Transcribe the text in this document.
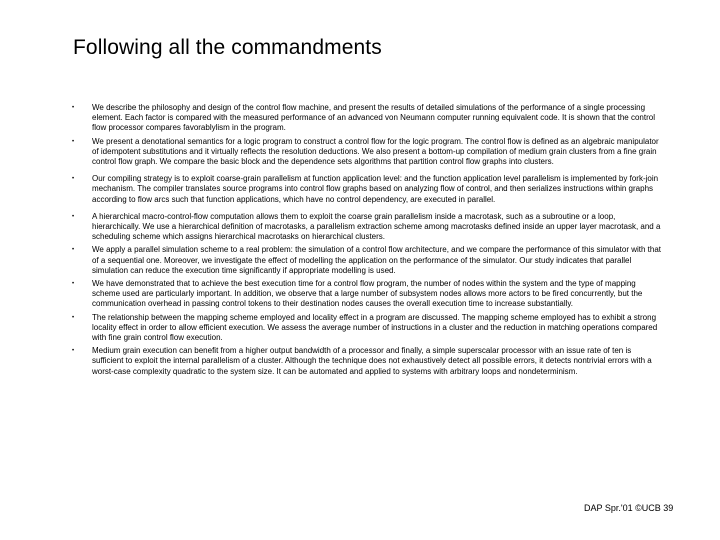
Following all the commandments
• We describe the philosophy and design of the control flow machine, and present the results of detailed simulations of the performance of a single processing element. Each factor is compared with the measured performance of an advanced von Neumann computer running equivalent code. It is shown that the control flow processor compares favorablylism in the program.
• We present a denotational semantics for a logic program to construct a control flow for the logic program. The control flow is defined as an algebraic manipulator of idempotent substitutions and it virtually reflects the resolution deductions. We also present a bottom-up compilation of medium grain clusters from a fine grain control flow graph. We compare the basic block and the dependence sets algorithms that partition control flow graphs into clusters.
• Our compiling strategy is to exploit coarse-grain parallelism at function application level: and the function application level parallelism is implemented by fork-join mechanism. The compiler translates source programs into control flow graphs based on analyzing flow of control, and then serializes instructions within graphs according to flow arcs such that function applications, which have no control dependency, are executed in parallel.
• A hierarchical macro-control-flow computation allows them to exploit the coarse grain parallelism inside a macrotask, such as a subroutine or a loop, hierarchically. We use a hierarchical definition of macrotasks, a parallelism extraction scheme among macrotasks defined inside an upper layer macrotask, and a scheduling scheme which assigns hierarchical macrotasks on hierarchical clusters.
• We apply a parallel simulation scheme to a real problem: the simulation of a control flow architecture, and we compare the performance of this simulator with that of a sequential one. Moreover, we investigate the effect of modelling the application on the performance of the simulator. Our study indicates that parallel simulation can reduce the execution time significantly if appropriate modelling is used.
• We have demonstrated that to achieve the best execution time for a control flow program, the number of nodes within the system and the type of mapping scheme used are particularly important. In addition, we observe that a large number of subsystem nodes allows more actors to be fired concurrently, but the communication overhead in passing control tokens to their destination nodes causes the overall execution time to increase substantially.
• The relationship between the mapping scheme employed and locality effect in a program are discussed. The mapping scheme employed has to exhibit a strong locality effect in order to allow efficient execution. We assess the average number of instructions in a cluster and the reduction in matching operations compared with fine grain control flow execution.
• Medium grain execution can benefit from a higher output bandwidth of a processor and finally, a simple superscalar processor with an issue rate of ten is sufficient to exploit the internal parallelism of a cluster. Although the technique does not exhaustively detect all possible errors, it detects nontrivial errors with a worst-case complexity quadratic to the system size. It can be automated and applied to systems with arbitrary loops and nondeterminism.
DAP Spr.'01 ©UCB 39
